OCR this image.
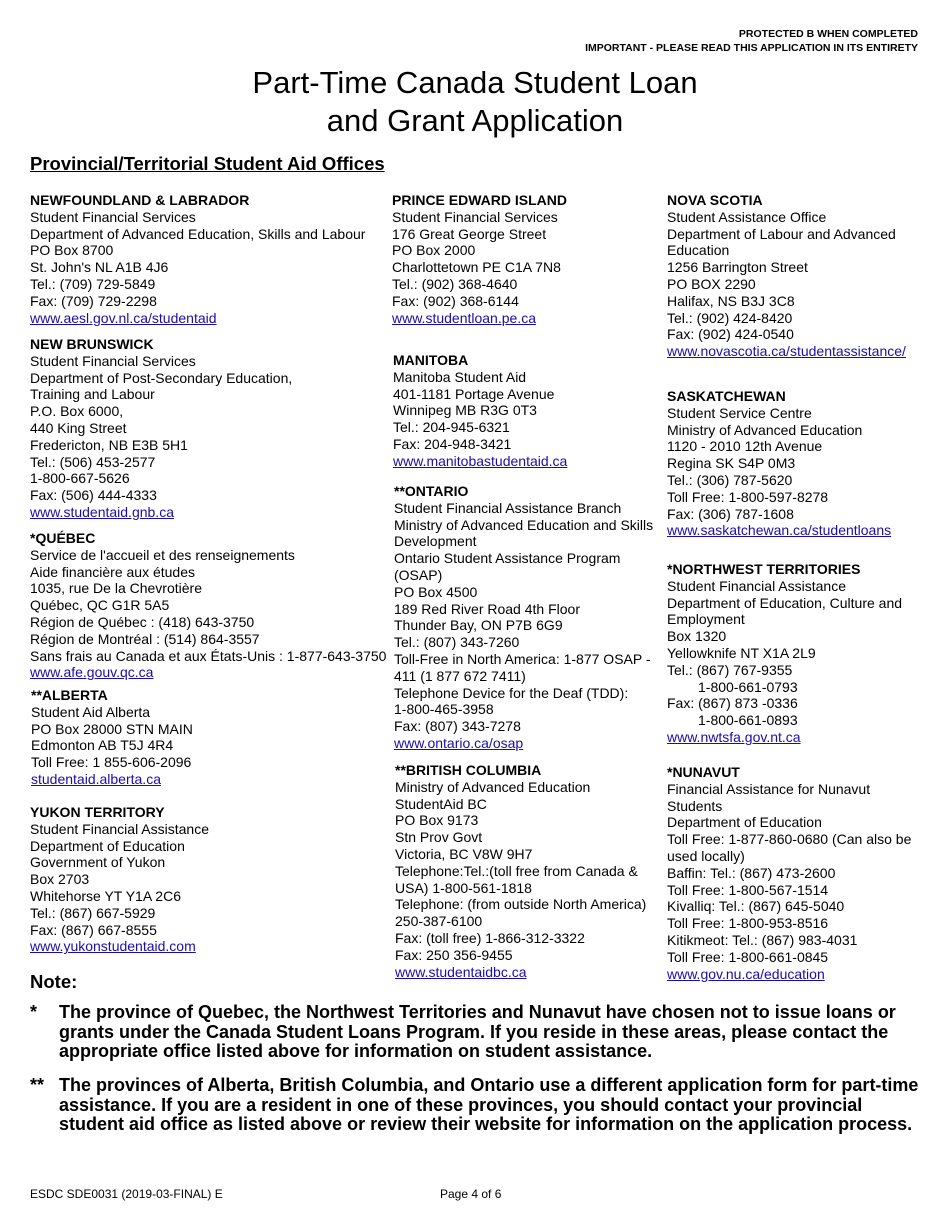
PROTECTED B WHEN COMPLETED
IMPORTANT - PLEASE READ THIS APPLICATION IN ITS ENTIRETY
Part-Time Canada Student Loan
and Grant Application
Provincial/Territorial Student Aid Offices
NEWFOUNDLAND & LABRADOR
Student Financial Services
Department of Advanced Education, Skills and Labour
PO Box 8700
St. John's NL A1B 4J6
Tel.: (709) 729-5849
Fax: (709) 729-2298
www.aesl.gov.nl.ca/studentaid
NEW BRUNSWICK
Student Financial Services
Department of Post-Secondary Education,
Training and Labour
P.O. Box 6000,
440 King Street
Fredericton, NB E3B 5H1
Tel.: (506) 453-2577
1-800-667-5626
Fax: (506) 444-4333
www.studentaid.gnb.ca
*QUÉBEC
Service de l'accueil et des renseignements
Aide financière aux études
1035, rue De la Chevrotière
Québec, QC G1R 5A5
Région de Québec : (418) 643-3750
Région de Montréal : (514) 864-3557
Sans frais au Canada et aux États-Unis : 1-877-643-3750
www.afe.gouv.qc.ca
**ALBERTA
Student Aid Alberta
PO Box 28000 STN MAIN
Edmonton AB T5J 4R4
Toll Free: 1 855-606-2096
studentaid.alberta.ca
YUKON TERRITORY
Student Financial Assistance
Department of Education
Government of Yukon
Box 2703
Whitehorse YT Y1A 2C6
Tel.: (867) 667-5929
Fax: (867) 667-8555
www.yukonstudentaid.com
PRINCE EDWARD ISLAND
Student Financial Services
176 Great George Street
PO Box 2000
Charlottetown PE C1A 7N8
Tel.: (902) 368-4640
Fax: (902) 368-6144
www.studentloan.pe.ca
MANITOBA
Manitoba Student Aid
401-1181 Portage Avenue
Winnipeg MB R3G 0T3
Tel.: 204-945-6321
Fax: 204-948-3421
www.manitobastudentaid.ca
**ONTARIO
Student Financial Assistance Branch
Ministry of Advanced Education and Skills
Development
Ontario Student Assistance Program
(OSAP)
PO Box 4500
189 Red River Road 4th Floor
Thunder Bay, ON P7B 6G9
Tel.: (807) 343-7260
Toll-Free in North America: 1-877 OSAP -
411 (1 877 672 7411)
Telephone Device for the Deaf (TDD):
1-800-465-3958
Fax: (807) 343-7278
www.ontario.ca/osap
**BRITISH COLUMBIA
Ministry of Advanced Education
StudentAid BC
PO Box 9173
Stn Prov Govt
Victoria, BC V8W 9H7
Telephone:Tel.:(toll free from Canada &
USA) 1-800-561-1818
Telephone: (from outside North America)
250-387-6100
Fax: (toll free) 1-866-312-3322
Fax: 250 356-9455
www.studentaidbc.ca
NOVA SCOTIA
Student Assistance Office
Department of Labour and Advanced
Education
1256 Barrington Street
PO BOX 2290
Halifax, NS B3J 3C8
Tel.: (902) 424-8420
Fax: (902) 424-0540
www.novascotia.ca/studentassistance/
SASKATCHEWAN
Student Service Centre
Ministry of Advanced Education
1120 - 2010 12th Avenue
Regina SK S4P 0M3
Tel.: (306) 787-5620
Toll Free: 1-800-597-8278
Fax: (306) 787-1608
www.saskatchewan.ca/studentloans
*NORTHWEST TERRITORIES
Student Financial Assistance
Department of Education, Culture and
Employment
Box 1320
Yellowknife NT X1A 2L9
Tel.: (867) 767-9355
1-800-661-0793
Fax: (867) 873 -0336
1-800-661-0893
www.nwtsfa.gov.nt.ca
*NUNAVUT
Financial Assistance for Nunavut
Students
Department of Education
Toll Free: 1-877-860-0680 (Can also be
used locally)
Baffin: Tel.: (867) 473-2600
Toll Free: 1-800-567-1514
Kivalliq: Tel.: (867) 645-5040
Toll Free: 1-800-953-8516
Kitikmeot: Tel.: (867) 983-4031
Toll Free: 1-800-661-0845
www.gov.nu.ca/education
Note:
* The province of Quebec, the Northwest Territories and Nunavut have chosen not to issue loans or grants under the Canada Student Loans Program. If you reside in these areas, please contact the appropriate office listed above for information on student assistance.
** The provinces of Alberta, British Columbia, and Ontario use a different application form for part-time assistance. If you are a resident in one of these provinces, you should contact your provincial student aid office as listed above or review their website for information on the application process.
ESDC SDE0031 (2019-03-FINAL) E	Page 4 of 6
